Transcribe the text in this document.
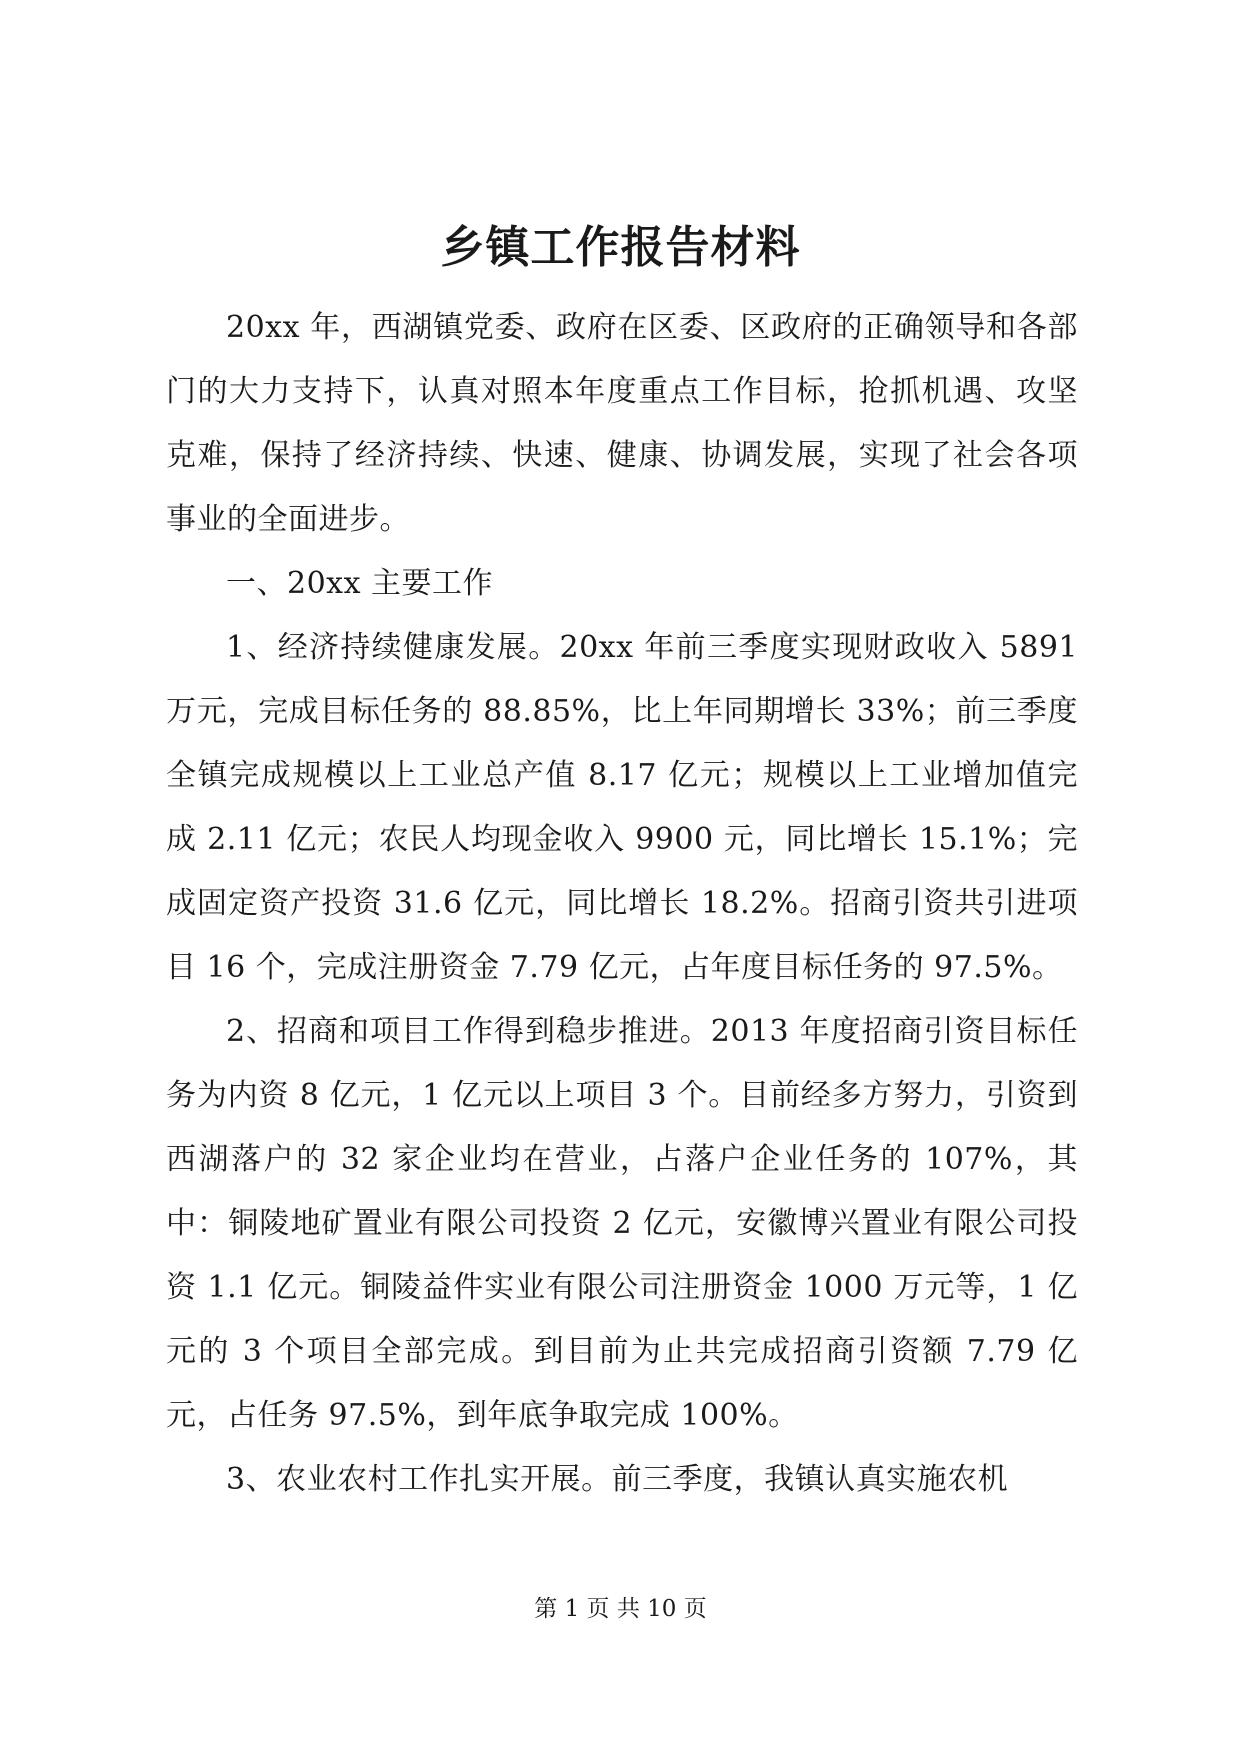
乡镇工作报告材料

20xx 年，西湖镇党委、政府在区委、区政府的正确领导和各部门的大力支持下，认真对照本年度重点工作目标，抢抓机遇、攻坚克难，保持了经济持续、快速、健康、协调发展，实现了社会各项事业的全面进步。

一、20xx 主要工作

1、经济持续健康发展。20xx 年前三季度实现财政收入 5891 万元，完成目标任务的 88.85%，比上年同期增长 33%；前三季度全镇完成规模以上工业总产值 8.17 亿元；规模以上工业增加值完成 2.11 亿元；农民人均现金收入 9900 元，同比增长 15.1%；完成固定资产投资 31.6 亿元，同比增长 18.2%。招商引资共引进项目 16 个，完成注册资金 7.79 亿元，占年度目标任务的 97.5%。

2、招商和项目工作得到稳步推进。2013 年度招商引资目标任务为内资 8 亿元，1 亿元以上项目 3 个。目前经多方努力，引资到西湖落户的 32 家企业均在营业，占落户企业任务的 107%，其中：铜陵地矿置业有限公司投资 2 亿元，安徽博兴置业有限公司投资 1.1 亿元。铜陵益件实业有限公司注册资金 1000 万元等，1 亿元的 3 个项目全部完成。到目前为止共完成招商引资额 7.79 亿元，占任务 97.5%，到年底争取完成 100%。

3、农业农村工作扎实开展。前三季度，我镇认真实施农机

第 1 页 共 10 页
